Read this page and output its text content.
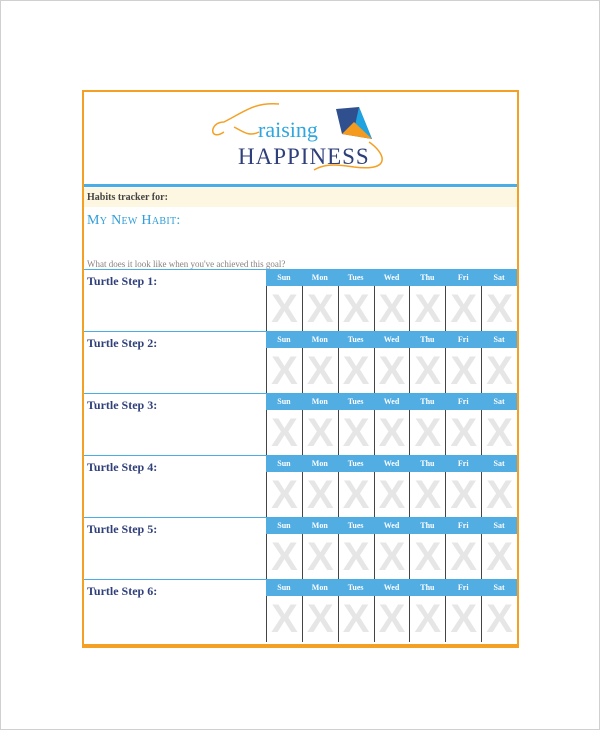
raising
HAPPINESS
Habits tracker for:
My New Habit:
What does it look like when you've achieved this goal?
Turtle Step 1:	Sun	Mon	Tues	Wed	Thu	Fri	Sat
X X X X X X X
Turtle Step 2:	Sun	Mon	Tues	Wed	Thu	Fri	Sat
X X X X X X X
Turtle Step 3:	Sun	Mon	Tues	Wed	Thu	Fri	Sat
X X X X X X X
Turtle Step 4:	Sun	Mon	Tues	Wed	Thu	Fri	Sat
X X X X X X X
Turtle Step 5:	Sun	Mon	Tues	Wed	Thu	Fri	Sat
X X X X X X X
Turtle Step 6:	Sun	Mon	Tues	Wed	Thu	Fri	Sat
X X X X X X X
